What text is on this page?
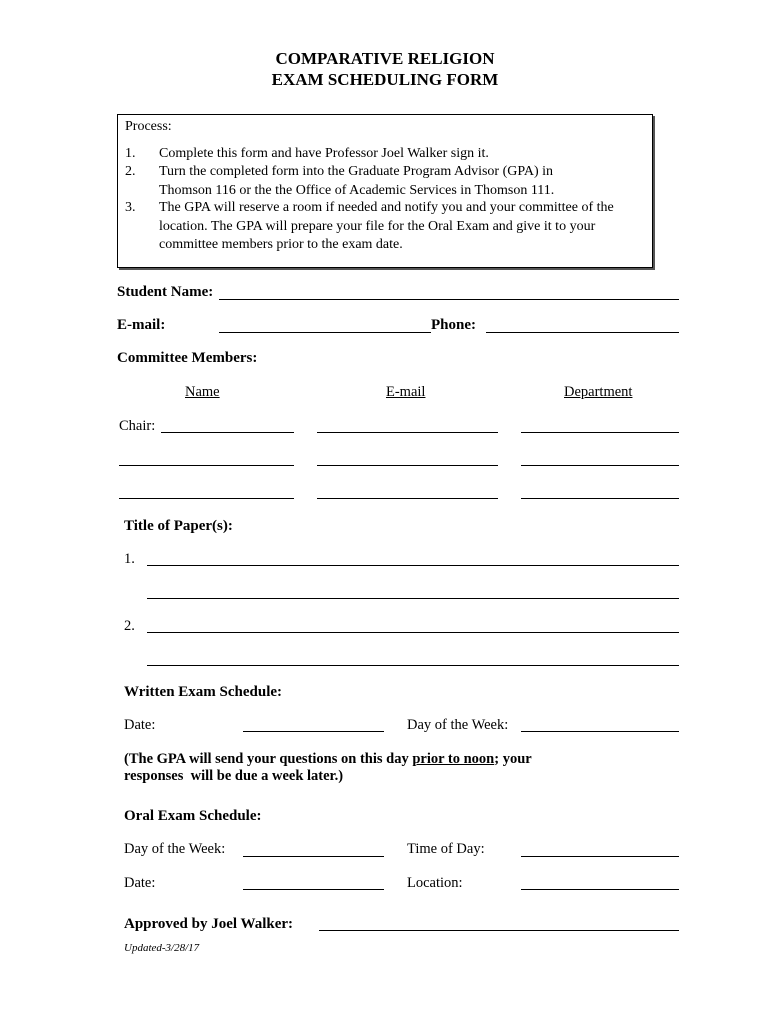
COMPARATIVE RELIGION
EXAM SCHEDULING FORM
Process:
1. Complete this form and have Professor Joel Walker sign it.
2. Turn the completed form into the Graduate Program Advisor (GPA) in Thomson 116 or the the Office of Academic Services in Thomson 111.
3. The GPA will reserve a room if needed and notify you and your committee of the location. The GPA will prepare your file for the Oral Exam and give it to your committee members prior to the exam date.
Student Name:
E-mail:	Phone:
Committee Members:
Name	E-mail	Department
Chair:
Title of Paper(s):
1.
2.
Written Exam Schedule:
Date:	Day of the Week:
(The GPA will send your questions on this day prior to noon; your
responses  will be due a week later.)
Oral Exam Schedule:
Day of the Week:	Time of Day:
Date:	Location:
Approved by Joel Walker:
Updated-3/28/17
